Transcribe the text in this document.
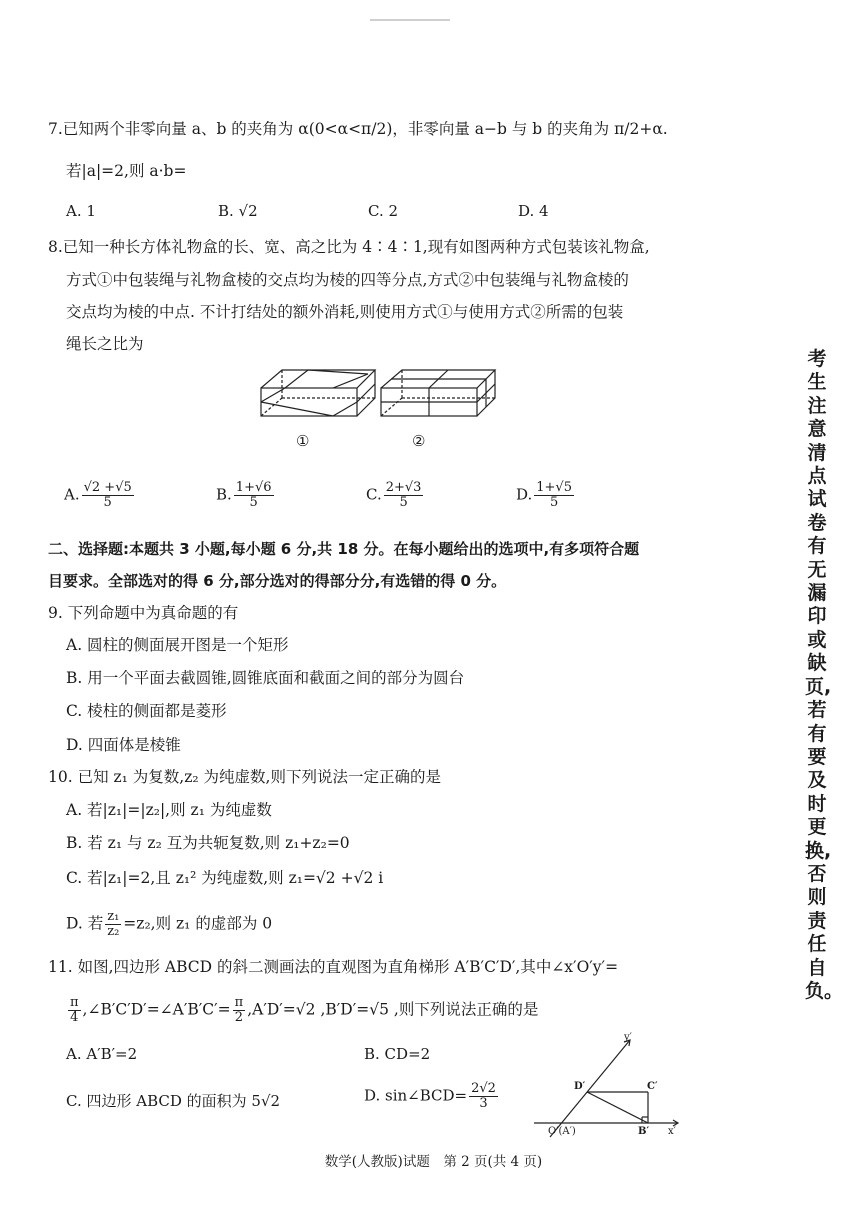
7.已知两个非零向量 a、b 的夹角为 α(0<α<π/2)，非零向量 a−b 与 b 的夹角为 π/2+α.
若|a|=2,则 a·b=
A. 1	B. √2	C. 2	D. 4
8.已知一种长方体礼物盒的长、宽、高之比为 4∶4∶1,现有如图两种方式包装该礼物盒,
方式①中包装绳与礼物盒棱的交点均为棱的四等分点,方式②中包装绳与礼物盒棱的
交点均为棱的中点. 不计打结处的额外消耗,则使用方式①与使用方式②所需的包装
绳长之比为
①	②
A. $\frac{√2 +√5}{5}$	B. $\frac{1+√6}{5}$	C. $\frac{2+√3}{5}$	D. $\frac{1+√5}{5}$
二、选择题:本题共 3 小题,每小题 6 分,共 18 分。在每小题给出的选项中,有多项符合题
目要求。全部选对的得 6 分,部分选对的得部分分,有选错的得 0 分。
9. 下列命题中为真命题的有
A. 圆柱的侧面展开图是一个矩形
B. 用一个平面去截圆锥,圆锥底面和截面之间的部分为圆台
C. 棱柱的侧面都是菱形
D. 四面体是棱锥
10. 已知 z₁ 为复数,z₂ 为纯虚数,则下列说法一定正确的是
A. 若|z₁|=|z₂|,则 z₁ 为纯虚数
B. 若 z₁ 与 z₂ 互为共轭复数,则 z₁+z₂=0
C. 若|z₁|=2,且 z₁² 为纯虚数,则 z₁=√2 +√2 i
D. 若 $\frac{\text{z₁}}{\text{z₂}} =z_2$,则 z₁ 的虚部为 0
11. 如图,四边形 ABCD 的斜二测画法的直观图为直角梯形 A′B′C′D′,其中∠x′O′y′=
$\frac{\pi}{4}$ ,∠B′C′D′=∠A′B′C′= $\frac{\pi}{2} ,A'D'=√2$ ,B′D′=√5 ,则下列说法正确的是
A. A′B′=2	B. CD=2
C. 四边形 ABCD 的面积为 5√2	D. sin∠BCD= $\frac{2√2}{3}$
y′
x′
D′	C′
O′(A′)	B′
考生注意清点试卷有无漏印或缺页,若有要及时更换,否则责任自负。
数学(人教版)试题　第 2 页(共 4 页)
